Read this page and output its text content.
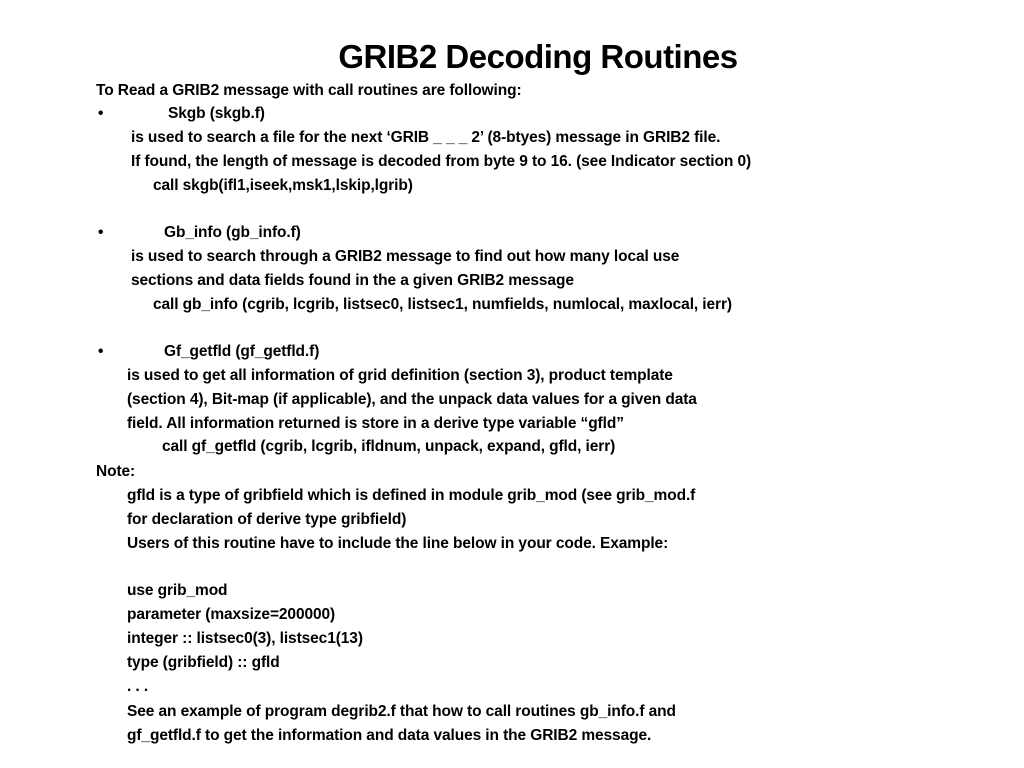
GRIB2 Decoding Routines
To Read a GRIB2 message with call routines are following:
•	Skgb (skgb.f)
is used to search a file for the next ‘GRIB _ _ _ 2’ (8-btyes) message in GRIB2 file.
If found, the length of message is decoded from byte 9 to 16. (see Indicator section 0)
call skgb(ifl1,iseek,msk1,lskip,lgrib)
•	Gb_info (gb_info.f)
is used to search through a GRIB2 message to find out how many local use
sections and data fields found in the a given GRIB2 message
call gb_info (cgrib, lcgrib, listsec0, listsec1, numfields, numlocal, maxlocal, ierr)
•	Gf_getfld (gf_getfld.f)
is used to get all information of grid definition (section 3), product template
(section 4), Bit-map (if applicable), and the unpack data values for a given data
field. All information returned is store in a derive type variable “gfld”
call gf_getfld (cgrib, lcgrib, ifldnum, unpack, expand, gfld, ierr)
Note:
gfld is a type of gribfield which is defined in module grib_mod (see grib_mod.f
for declaration of derive type gribfield)
Users of this routine have to include the line below in your code. Example:
use grib_mod
parameter (maxsize=200000)
integer :: listsec0(3), listsec1(13)
type (gribfield) :: gfld
. . .
See an example of program degrib2.f that how to call routines gb_info.f and
gf_getfld.f to get the information and data values in the GRIB2 message.
